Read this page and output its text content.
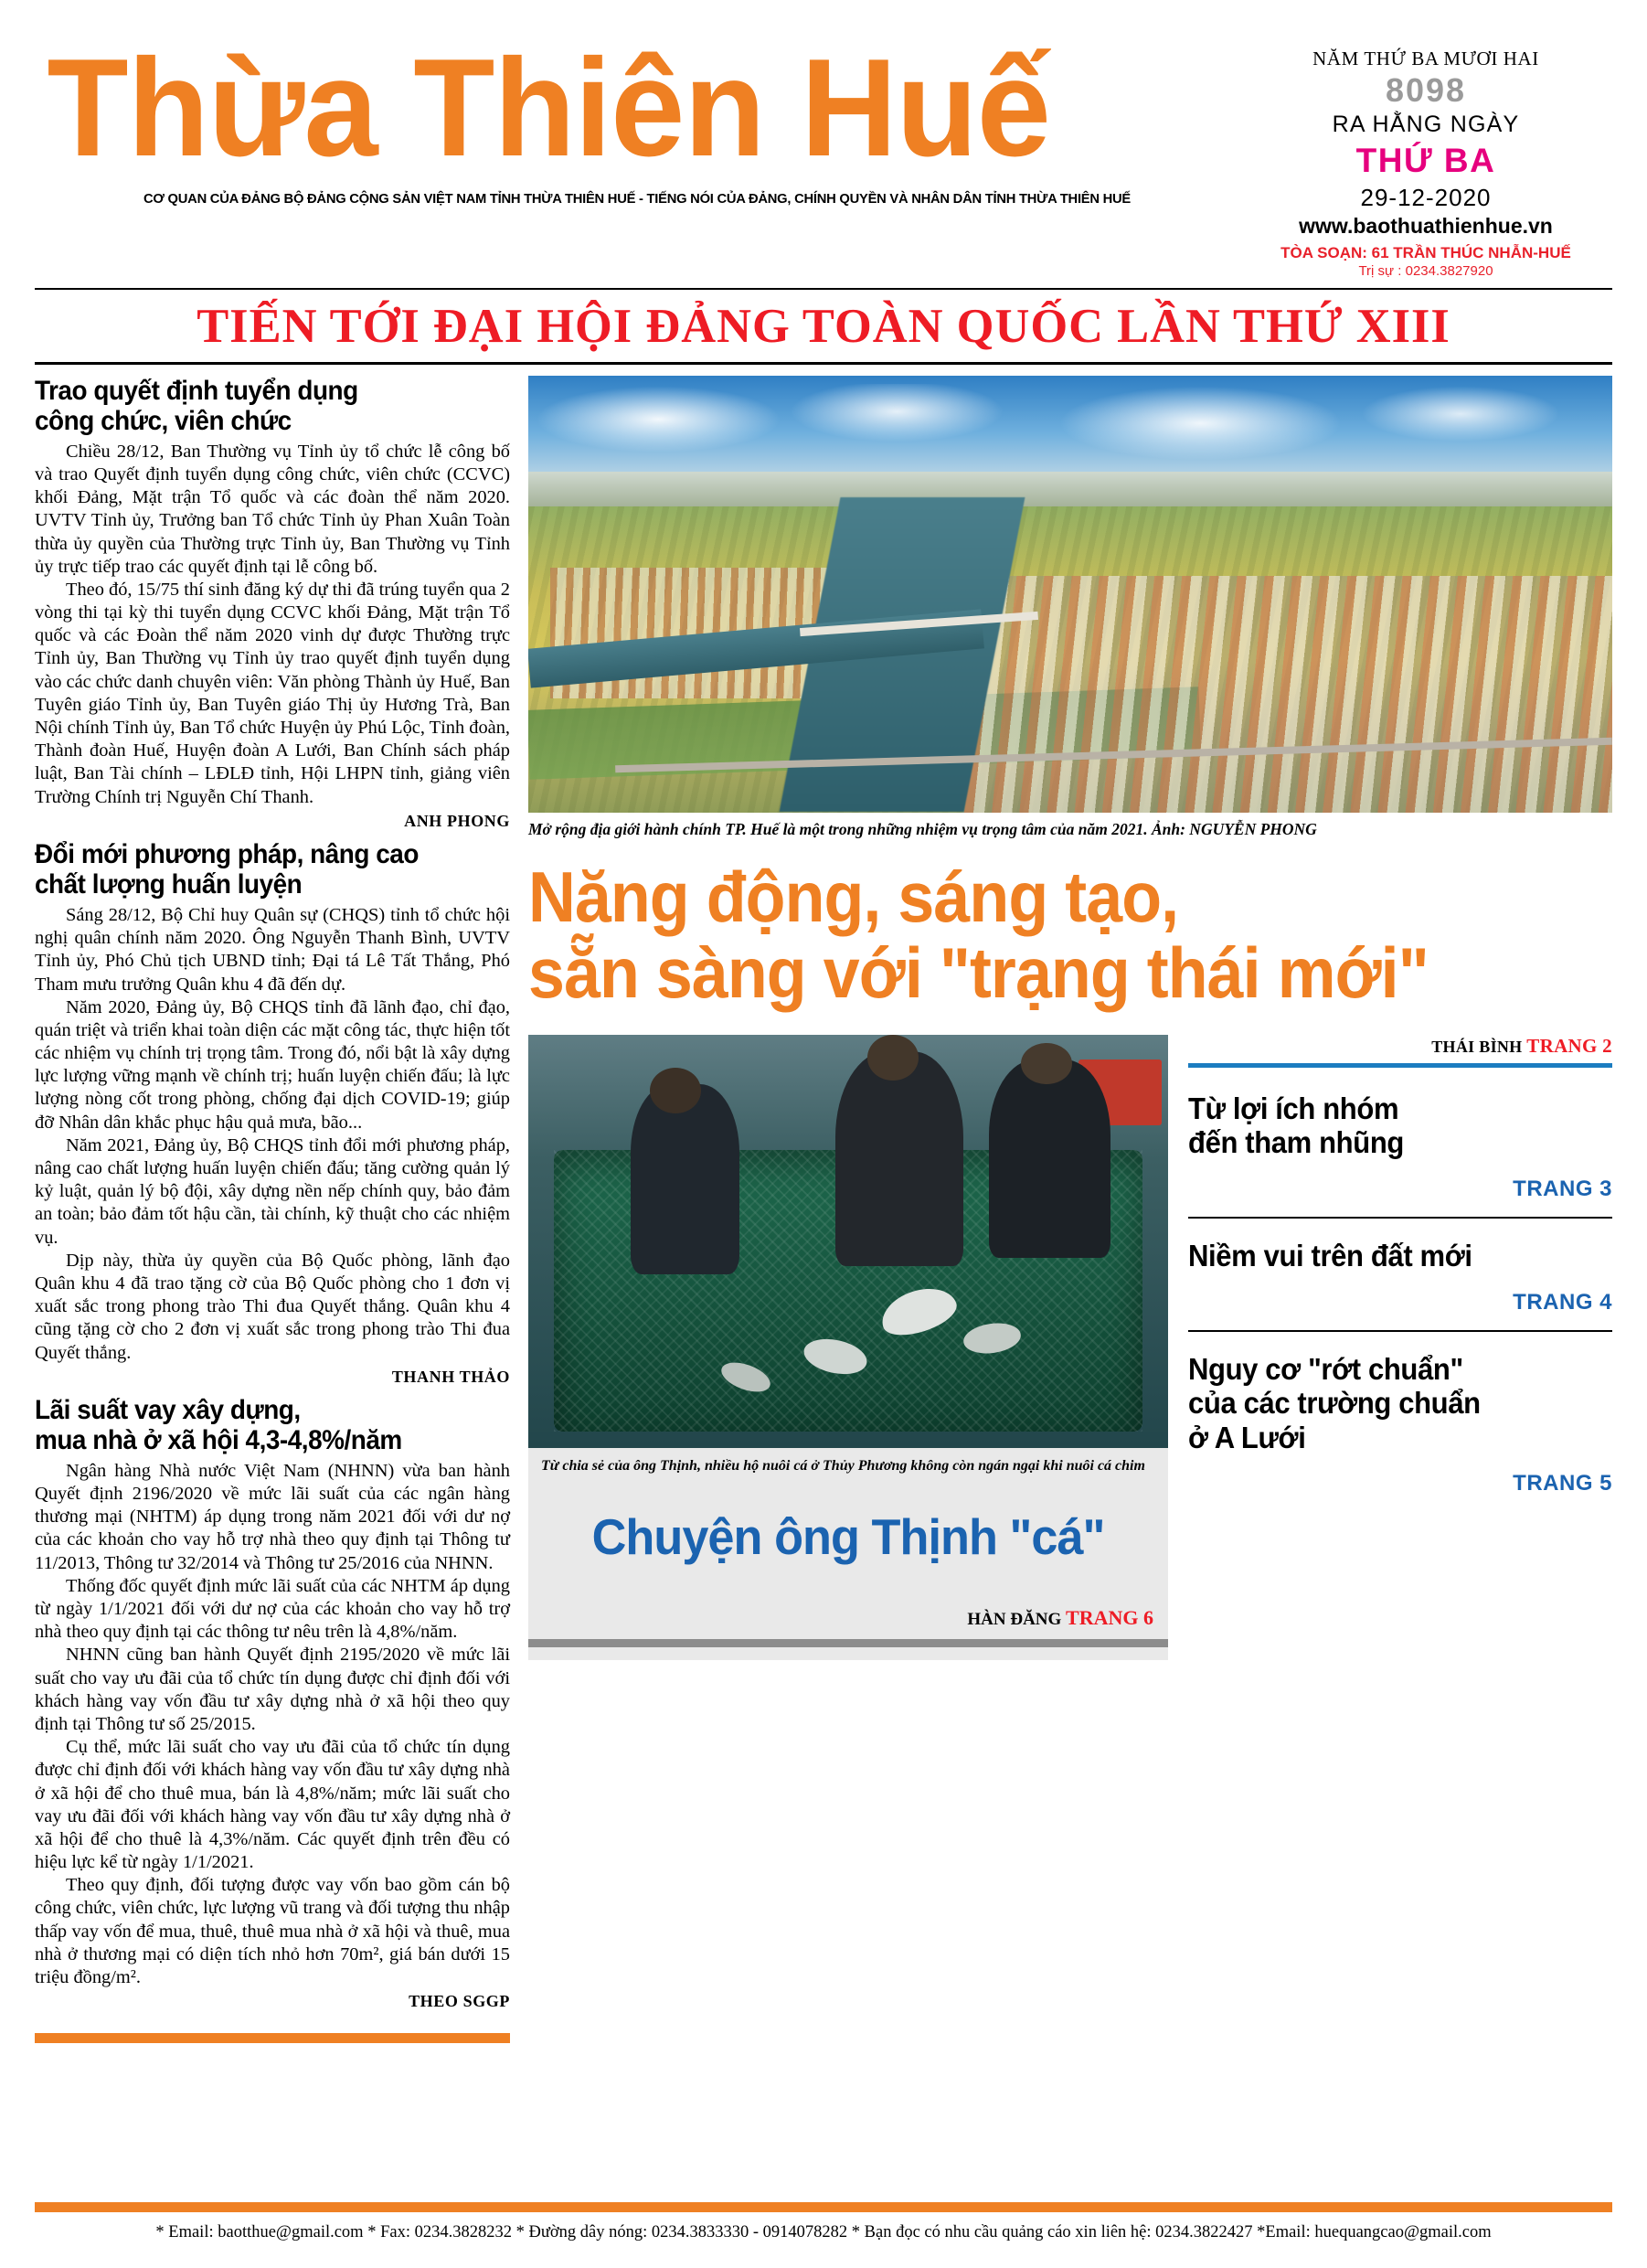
Thừa Thiên Huế
CƠ QUAN CỦA ĐẢNG BỘ ĐẢNG CỘNG SẢN VIỆT NAM TỈNH THỪA THIÊN HUẾ - TIẾNG NÓI CỦA ĐẢNG, CHÍNH QUYỀN VÀ NHÂN DÂN TỈNH THỪA THIÊN HUẾ
NĂM THỨ BA MƯƠI HAI
8098
RA HẰNG NGÀY
THỨ BA
29-12-2020
www.baothuathienhue.vn
TÒA SOẠN: 61 TRẦN THÚC NHẪN-HUẾ
Trị sự : 0234.3827920
TIẾN TỚI ĐẠI HỘI ĐẢNG TOÀN QUỐC LẦN THỨ XIII
Trao quyết định tuyển dụng
công chức, viên chức

Chiều 28/12, Ban Thường vụ Tỉnh ủy tổ chức lễ công bố và trao Quyết định tuyển dụng công chức, viên chức (CCVC) khối Đảng, Mặt trận Tổ quốc và các đoàn thể năm 2020. UVTV Tỉnh ủy, Trưởng ban Tổ chức Tỉnh ủy Phan Xuân Toàn thừa ủy quyền của Thường trực Tỉnh ủy, Ban Thường vụ Tỉnh ủy trực tiếp trao các quyết định tại lễ công bố.

Theo đó, 15/75 thí sinh đăng ký dự thi đã trúng tuyển qua 2 vòng thi tại kỳ thi tuyển dụng CCVC khối Đảng, Mặt trận Tổ quốc và các Đoàn thể năm 2020 vinh dự được Thường trực Tỉnh ủy, Ban Thường vụ Tỉnh ủy trao quyết định tuyển dụng vào các chức danh chuyên viên: Văn phòng Thành ủy Huế, Ban Tuyên giáo Tỉnh ủy, Ban Tuyên giáo Thị ủy Hương Trà, Ban Nội chính Tỉnh ủy, Ban Tổ chức Huyện ủy Phú Lộc, Tỉnh đoàn, Thành đoàn Huế, Huyện đoàn A Lưới, Ban Chính sách pháp luật, Ban Tài chính – LĐLĐ tỉnh, Hội LHPN tỉnh, giảng viên Trường Chính trị Nguyễn Chí Thanh.

ANH PHONG
Đổi mới phương pháp, nâng cao
chất lượng huấn luyện

Sáng 28/12, Bộ Chỉ huy Quân sự (CHQS) tỉnh tổ chức hội nghị quân chính năm 2020. Ông Nguyễn Thanh Bình, UVTV Tỉnh ủy, Phó Chủ tịch UBND tỉnh; Đại tá Lê Tất Thắng, Phó Tham mưu trưởng Quân khu 4 đã đến dự.

Năm 2020, Đảng ủy, Bộ CHQS tỉnh đã lãnh đạo, chỉ đạo, quán triệt và triển khai toàn diện các mặt công tác, thực hiện tốt các nhiệm vụ chính trị trọng tâm. Trong đó, nổi bật là xây dựng lực lượng vững mạnh về chính trị; huấn luyện chiến đấu; là lực lượng nòng cốt trong phòng, chống đại dịch COVID-19; giúp đỡ Nhân dân khắc phục hậu quả mưa, bão...

Năm 2021, Đảng ủy, Bộ CHQS tỉnh đổi mới phương pháp, nâng cao chất lượng huấn luyện chiến đấu; tăng cường quản lý kỷ luật, quản lý bộ đội, xây dựng nền nếp chính quy, bảo đảm an toàn; bảo đảm tốt hậu cần, tài chính, kỹ thuật cho các nhiệm vụ.

Dịp này, thừa ủy quyền của Bộ Quốc phòng, lãnh đạo Quân khu 4 đã trao tặng cờ của Bộ Quốc phòng cho 1 đơn vị xuất sắc trong phong trào Thi đua Quyết thắng. Quân khu 4 cũng tặng cờ cho 2 đơn vị xuất sắc trong phong trào Thi đua Quyết thắng.

THANH THẢO
Lãi suất vay xây dựng,
mua nhà ở xã hội 4,3-4,8%/năm

Ngân hàng Nhà nước Việt Nam (NHNN) vừa ban hành Quyết định 2196/2020 về mức lãi suất của các ngân hàng thương mại (NHTM) áp dụng trong năm 2021 đối với dư nợ của các khoản cho vay hỗ trợ nhà theo quy định tại Thông tư 11/2013, Thông tư 32/2014 và Thông tư 25/2016 của NHNN.

Thống đốc quyết định mức lãi suất của các NHTM áp dụng từ ngày 1/1/2021 đối với dư nợ của các khoản cho vay hỗ trợ nhà theo quy định tại các thông tư nêu trên là 4,8%/năm.

NHNN cũng ban hành Quyết định 2195/2020 về mức lãi suất cho vay ưu đãi của tổ chức tín dụng được chỉ định đối với khách hàng vay vốn đầu tư xây dựng nhà ở xã hội theo quy định tại Thông tư số 25/2015.

Cụ thể, mức lãi suất cho vay ưu đãi của tổ chức tín dụng được chỉ định đối với khách hàng vay vốn đầu tư xây dựng nhà ở xã hội để cho thuê mua, bán là 4,8%/năm; mức lãi suất cho vay ưu đãi đối với khách hàng vay vốn đầu tư xây dựng nhà ở xã hội để cho thuê là 4,3%/năm. Các quyết định trên đều có hiệu lực kể từ ngày 1/1/2021.

Theo quy định, đối tượng được vay vốn bao gồm cán bộ công chức, viên chức, lực lượng vũ trang và đối tượng thu nhập thấp vay vốn để mua, thuê, thuê mua nhà ở xã hội và thuê, mua nhà ở thương mại có diện tích nhỏ hơn 70m², giá bán dưới 15 triệu đồng/m².

THEO SGGP
Mở rộng địa giới hành chính TP. Huế là một trong những nhiệm vụ trọng tâm của năm 2021. Ảnh: NGUYỄN PHONG
Năng động, sáng tạo,
sẵn sàng với "trạng thái mới"
Từ chia sẻ của ông Thịnh, nhiều hộ nuôi cá ở Thủy Phương không còn ngán ngại khi nuôi cá chim
Chuyện ông Thịnh "cá"
HÀN ĐĂNG TRANG 6
THÁI BÌNH TRANG 2
Từ lợi ích nhóm
đến tham nhũng
TRANG 3
Niềm vui trên đất mới
TRANG 4
Nguy cơ "rớt chuẩn"
của các trường chuẩn
ở A Lưới
TRANG 5
* Email: baotthue@gmail.com * Fax: 0234.3828232 * Đường dây nóng: 0234.3833330 - 0914078282 * Bạn đọc có nhu cầu quảng cáo xin liên hệ: 0234.3822427 *Email: huequangcao@gmail.com
